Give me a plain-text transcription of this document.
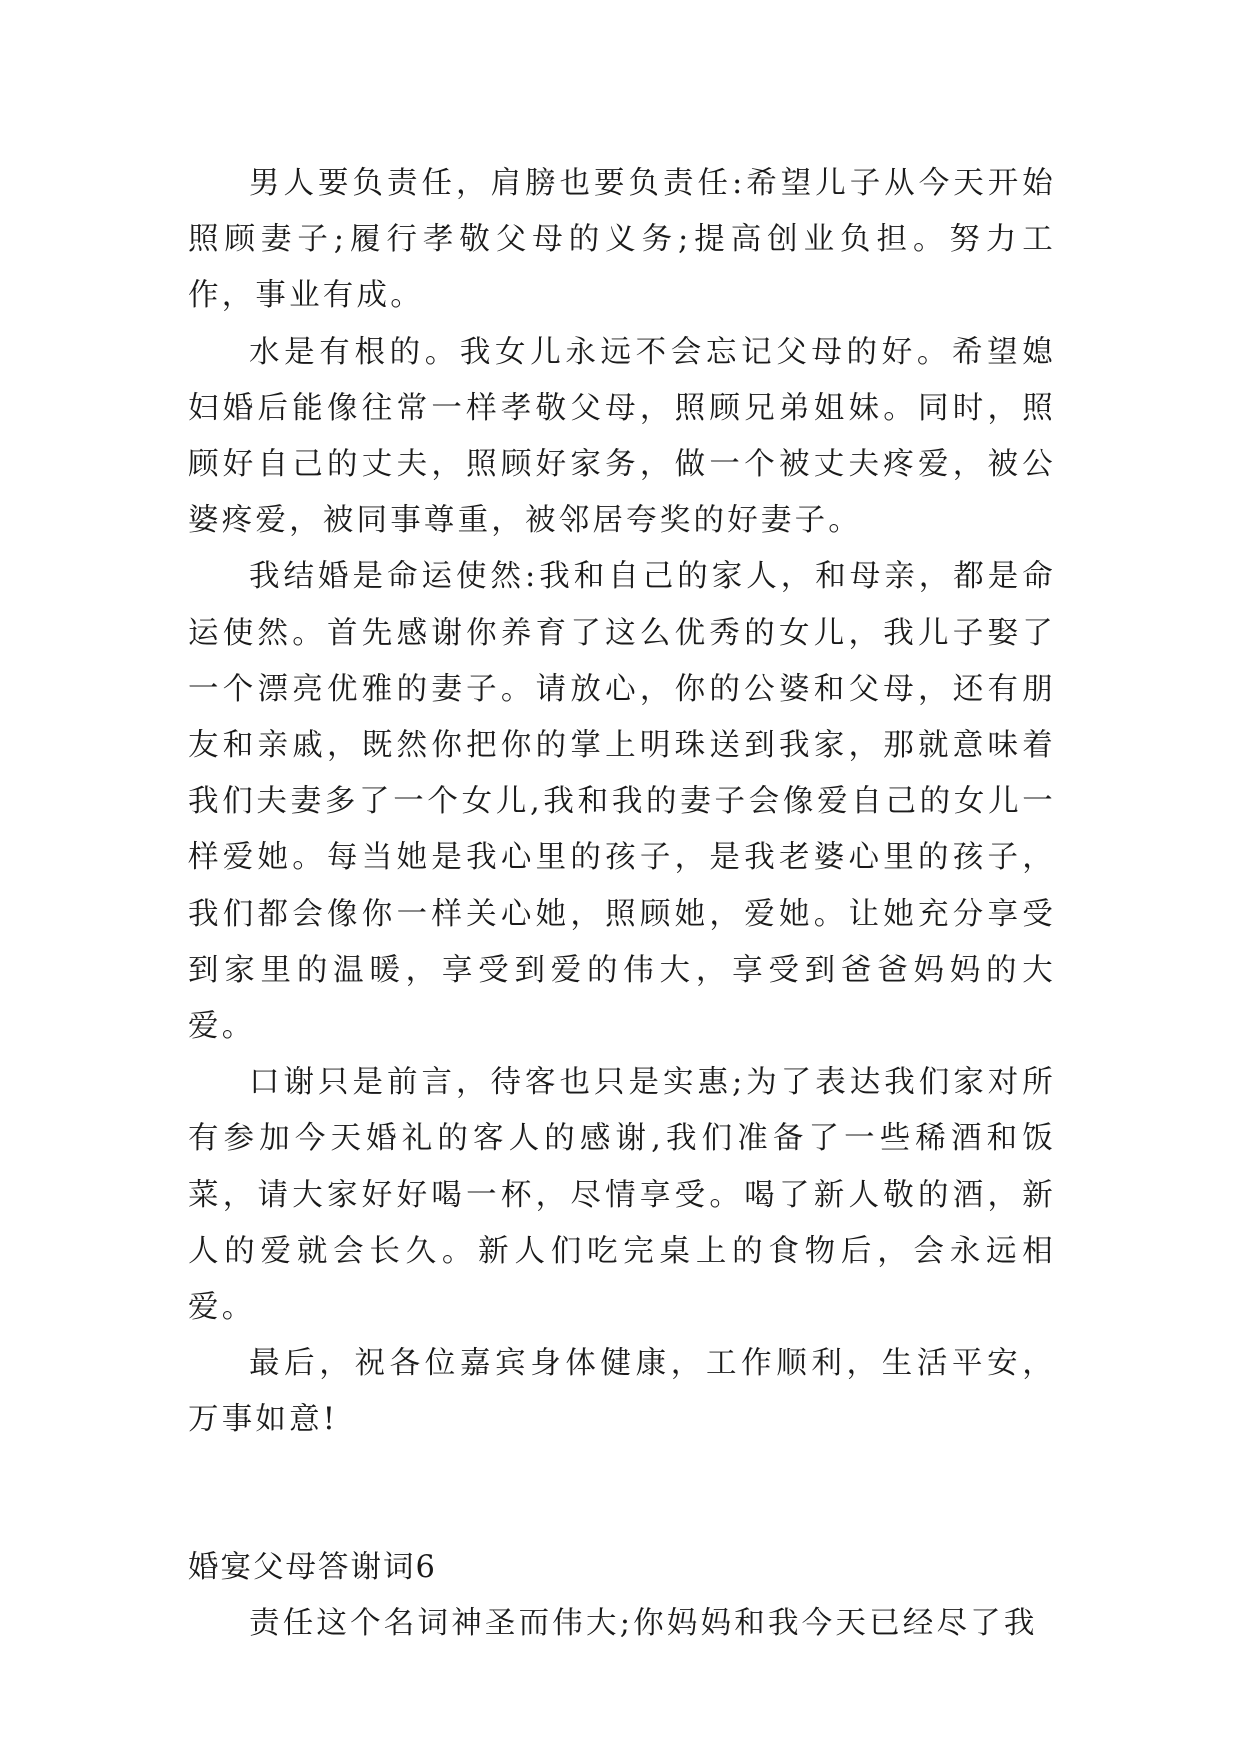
男人要负责任，肩膀也要负责任:希望儿子从今天开始照顾妻子;履行孝敬父母的义务;提高创业负担。努力工作，事业有成。

水是有根的。我女儿永远不会忘记父母的好。希望媳妇婚后能像往常一样孝敬父母，照顾兄弟姐妹。同时，照顾好自己的丈夫，照顾好家务，做一个被丈夫疼爱，被公婆疼爱，被同事尊重，被邻居夸奖的好妻子。

我结婚是命运使然:我和自己的家人，和母亲，都是命运使然。首先感谢你养育了这么优秀的女儿，我儿子娶了一个漂亮优雅的妻子。请放心，你的公婆和父母，还有朋友和亲戚，既然你把你的掌上明珠送到我家，那就意味着我们夫妻多了一个女儿,我和我的妻子会像爱自己的女儿一样爱她。每当她是我心里的孩子，是我老婆心里的孩子，我们都会像你一样关心她，照顾她，爱她。让她充分享受到家里的温暖，享受到爱的伟大，享受到爸爸妈妈的大爱。

口谢只是前言，待客也只是实惠;为了表达我们家对所有参加今天婚礼的客人的感谢,我们准备了一些稀酒和饭菜，请大家好好喝一杯，尽情享受。喝了新人敬的酒，新人的爱就会长久。新人们吃完桌上的食物后，会永远相爱。

最后，祝各位嘉宾身体健康，工作顺利，生活平安，万事如意!

婚宴父母答谢词6

责任这个名词神圣而伟大;你妈妈和我今天已经尽了我
